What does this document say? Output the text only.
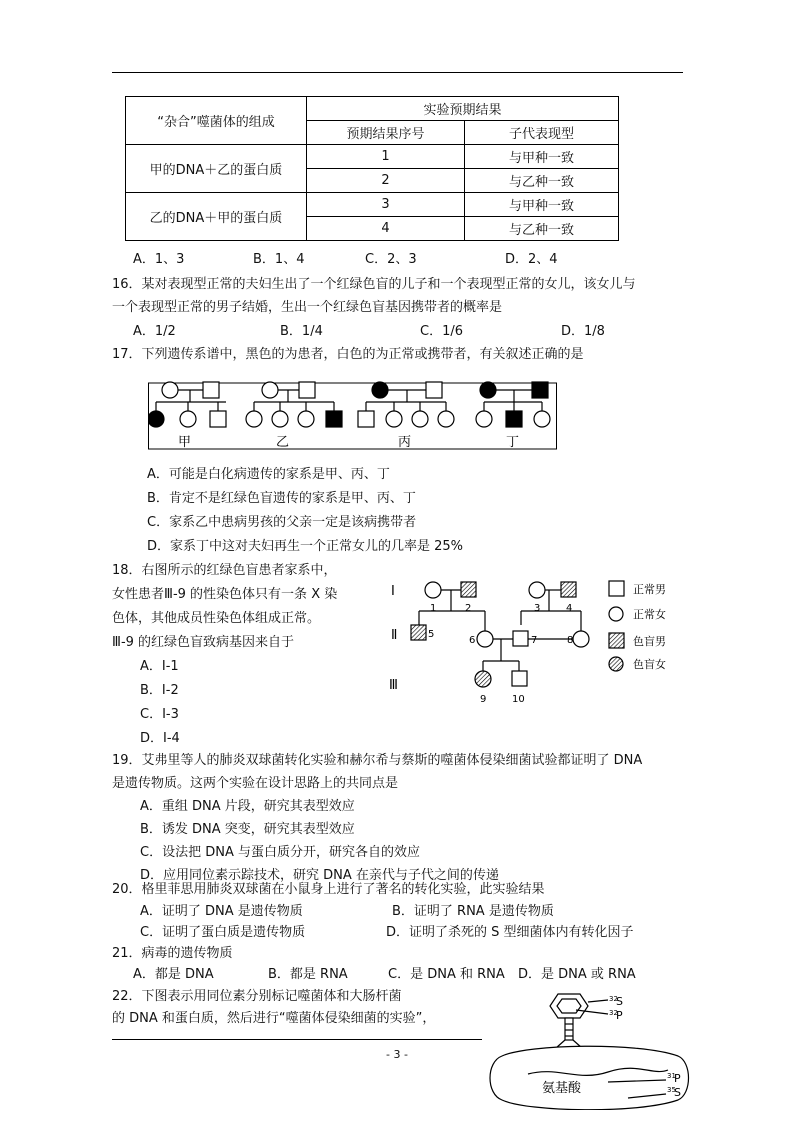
“杂合”噬菌体的组成	实验预期结果	
	预期结果序号	子代表现型
甲的DNA＋乙的蛋白质	1	与甲种一致
	2	与乙种一致
乙的DNA＋甲的蛋白质	3	与甲种一致
	4	与乙种一致
A．1、3	B．1、4	C．2、3	D．2、4
16．某对表现型正常的夫妇生出了一个红绿色盲的儿子和一个表现型正常的女儿，该女儿与
一个表现型正常的男子结婚，生出一个红绿色盲基因携带者的概率是
A．1/2	B．1/4	C．1/6	D．1/8
17．下列遗传系谱中，黑色的为患者，白色的为正常或携带者，有关叙述正确的是
甲	乙	丙	丁
A．可能是白化病遗传的家系是甲、丙、丁
B．肯定不是红绿色盲遗传的家系是甲、丙、丁
C．家系乙中患病男孩的父亲一定是该病携带者
D．家系丁中这对夫妇再生一个正常女儿的几率是 25%
18．右图所示的红绿色盲患者家系中，
女性患者Ⅲ-9 的性染色体只有一条 X 染
色体，其他成员性染色体组成正常。
Ⅲ-9 的红绿色盲致病基因来自于
A．Ⅰ-1
B．Ⅰ-2
C．Ⅰ-3
D．Ⅰ-4
Ⅰ
Ⅱ
Ⅲ
1	2	3	4
5
6	7	8
9	10
正常男
正常女
色盲男
色盲女
19．艾弗里等人的肺炎双球菌转化实验和赫尔希与蔡斯的噬菌体侵染细菌试验都证明了 DNA
是遗传物质。这两个实验在设计思路上的共同点是
A．重组 DNA 片段，研究其表型效应
B．诱发 DNA 突变，研究其表型效应
C．设法把 DNA 与蛋白质分开，研究各自的效应
D．应用同位素示踪技术，研究 DNA 在亲代与子代之间的传递
20．格里菲思用肺炎双球菌在小鼠身上进行了著名的转化实验，此实验结果
A．证明了 DNA 是遗传物质	B．证明了 RNA 是遗传物质
C．证明了蛋白质是遗传物质	D．证明了杀死的 S 型细菌体内有转化因子
21．病毒的遗传物质
A．都是 DNA	B．都是 RNA	C．是 DNA 和 RNA D．是 DNA 或 RNA
22．下图表示用同位素分别标记噬菌体和大肠杆菌
的 DNA 和蛋白质，然后进行“噬菌体侵染细菌的实验”，
32
S
32
P
氨基酸
31
P
35
S
- 3 -
